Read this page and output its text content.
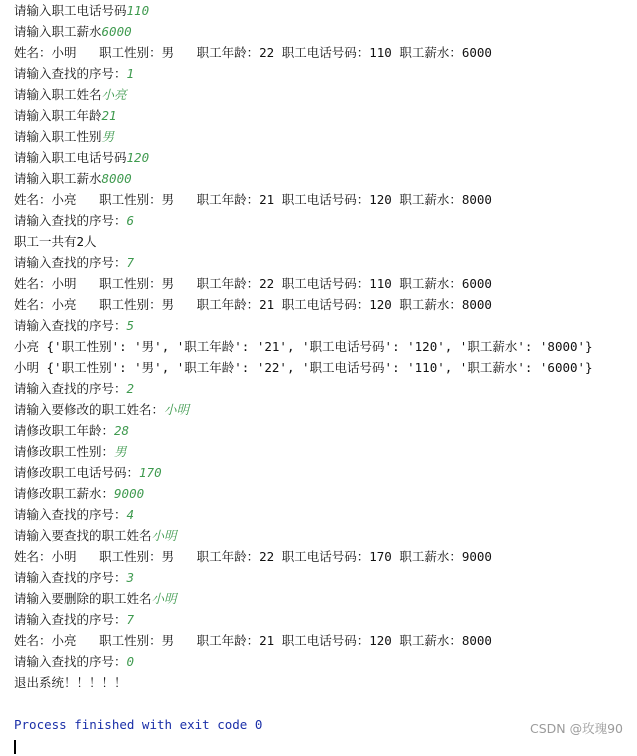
请输入职工电话号码110
请输入职工薪水6000
姓名：小明   职工性别：男   职工年龄：22 职工电话号码：110 职工薪水：6000
请输入查找的序号：1
请输入职工姓名小亮
请输入职工年龄21
请输入职工性别男
请输入职工电话号码120
请输入职工薪水8000
姓名：小亮   职工性别：男   职工年龄：21 职工电话号码：120 职工薪水：8000
请输入查找的序号：6
职工一共有2人
请输入查找的序号：7
姓名：小明   职工性别：男   职工年龄：22 职工电话号码：110 职工薪水：6000
姓名：小亮   职工性别：男   职工年龄：21 职工电话号码：120 职工薪水：8000
请输入查找的序号：5
小亮 {'职工性别': '男', '职工年龄': '21', '职工电话号码': '120', '职工薪水': '8000'}
小明 {'职工性别': '男', '职工年龄': '22', '职工电话号码': '110', '职工薪水': '6000'}
请输入查找的序号：2
请输入要修改的职工姓名：小明
请修改职工年龄：28
请修改职工性别：男
请修改职工电话号码：170
请修改职工薪水：9000
请输入查找的序号：4
请输入要查找的职工姓名小明
姓名：小明   职工性别：男   职工年龄：22 职工电话号码：170 职工薪水：9000
请输入查找的序号：3
请输入要删除的职工姓名小明
请输入查找的序号：7
姓名：小亮   职工性别：男   职工年龄：21 职工电话号码：120 职工薪水：8000
请输入查找的序号：0
退出系统！！！！！
Process finished with exit code 0	CSDN @玫瑰90
